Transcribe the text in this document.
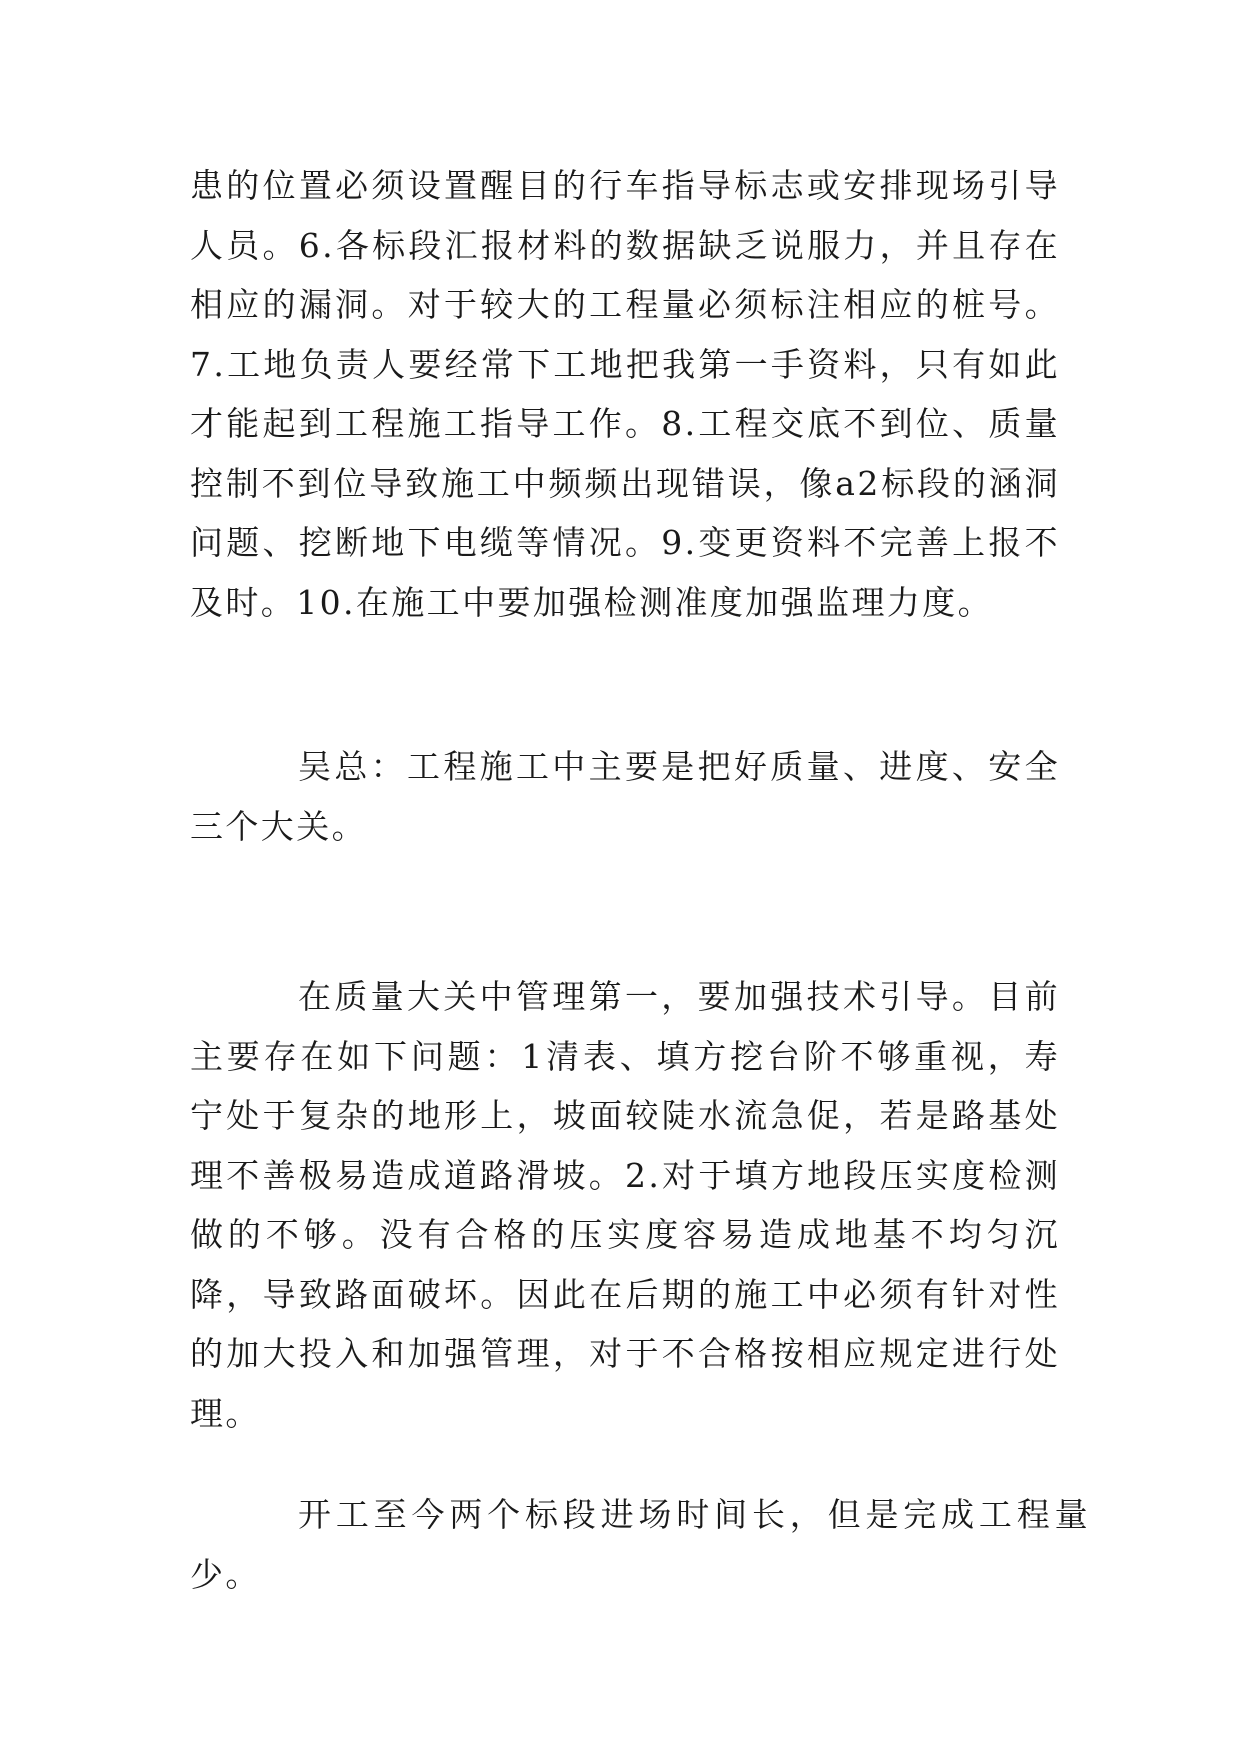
患的位置必须设置醒目的行车指导标志或安排现场引导人员。6.各标段汇报材料的数据缺乏说服力，并且存在相应的漏洞。对于较大的工程量必须标注相应的桩号。7.工地负责人要经常下工地把我第一手资料，只有如此才能起到工程施工指导工作。8.工程交底不到位、质量控制不到位导致施工中频频出现错误，像a2标段的涵洞问题、挖断地下电缆等情况。9.变更资料不完善上报不及时。10.在施工中要加强检测准度加强监理力度。

吴总：工程施工中主要是把好质量、进度、安全三个大关。

在质量大关中管理第一，要加强技术引导。目前主要存在如下问题：1清表、填方挖台阶不够重视，寿宁处于复杂的地形上，坡面较陡水流急促，若是路基处理不善极易造成道路滑坡。2.对于填方地段压实度检测做的不够。没有合格的压实度容易造成地基不均匀沉降，导致路面破坏。因此在后期的施工中必须有针对性的加大投入和加强管理，对于不合格按相应规定进行处理。

开工至今两个标段进场时间长，但是完成工程量少。
